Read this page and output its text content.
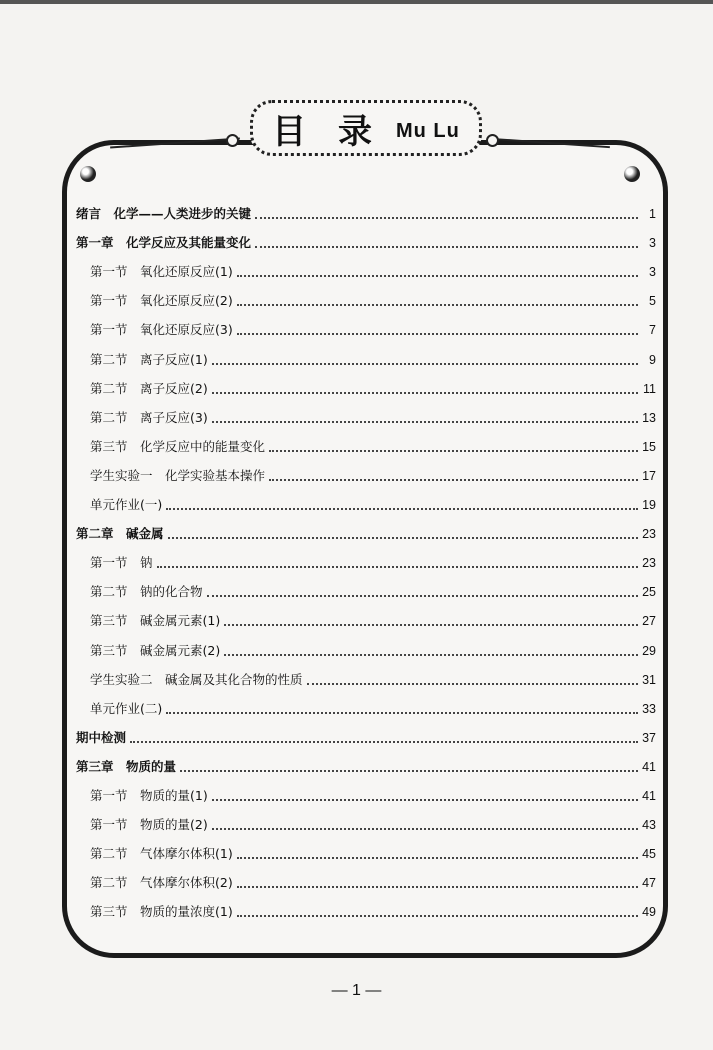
目 录 Mu Lu
绪言　化学——人类进步的关键	1
第一章　化学反应及其能量变化	3
第一节　氧化还原反应(1)	3
第一节　氧化还原反应(2)	5
第一节　氧化还原反应(3)	7
第二节　离子反应(1)	9
第二节　离子反应(2)	11
第二节　离子反应(3)	13
第三节　化学反应中的能量变化	15
学生实验一　化学实验基本操作	17
单元作业(一)	19
第二章　碱金属	23
第一节　钠	23
第二节　钠的化合物	25
第三节　碱金属元素(1)	27
第三节　碱金属元素(2)	29
学生实验二　碱金属及其化合物的性质	31
单元作业(二)	33
期中检测	37
第三章　物质的量	41
第一节　物质的量(1)	41
第一节　物质的量(2)	43
第二节　气体摩尔体积(1)	45
第二节　气体摩尔体积(2)	47
第三节　物质的量浓度(1)	49
— 1 —
